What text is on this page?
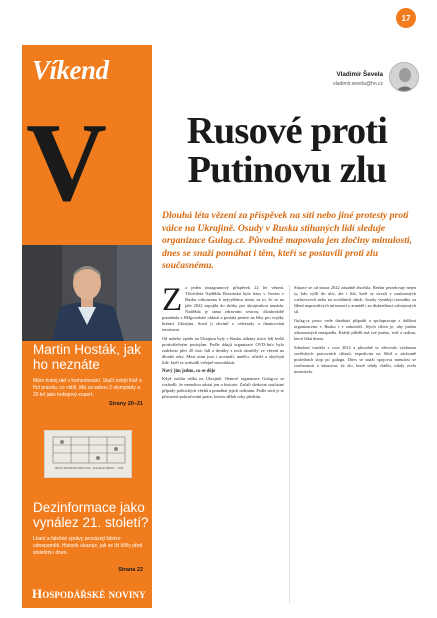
17
Víkend
V
Martin Hosták, jak ho neznáte
Mám hokej rád v komentování. Stačí nebýt lhář a říct pravdu, co vidíš. Má za sebou 2 olympiády a 20 let jako hokejový expert.
Strany 20–21
VELKÁ KRADENÁ KNIHOVNA · KOLEKCE SBÍRKY · 1934
Dezinformace jako vynález 21. století?
Lhaní a falešné zprávy provázejí lidstvo odnepaměti. Historik ukazuje, jak se lži šířily před stoletími i dnes.
Strana 22
Hospodářské noviny
Vladimír Ševela
vladimir.sevela@hn.cz
Rusové proti Putinovu zlu
Dlouhá léta vězení za příspěvek na síti nebo jiné protesty proti válce na Ukrajině. Osudy v Rusku stíhaných lidí sleduje organizace Gulag.cz. Původně mapovala jen zločiny minulosti, dnes se snaží pomáhat i těm, kteří se postavili proti zlu současnému.

Z a jeden instagramový příspěvek 22 let vězení. Třicetiletá Naděžda Rossinská byla letos v červnu v Rusku odsouzena k nejvyššímu trestu za to, že se na jaře 2022 zapojila do sbírky pro ukrajinskou armádu. Naděžda je sama zdravotní sestrou, dlouhodobě pomáhala v Bělgorodské oblasti a poslala peníze na léky pro vojáky bránící Ukrajinu. Soud ji obvinil z velezrady a financování terorismu.

Od našeho vpádu na Ukrajinu byly v Rusku stíhány tisíce lidí kvůli protiválečným postojům. Podle údajů organizace OVD-Info bylo zadrženo přes 20 tisíc lidí a desítky z nich skončily ve vězení na dlouhé roky. Mezi nimi jsou i novináři, umělci, učitelé a obyčejní lidé, kteří se rozhodli veřejně nesouhlasit.

Nový jim jedno, co se děje

Když začala válka na Ukrajině, členové organizace Gulag.cz se rozhodli, že nemohou zůstat jen u historie. Začali sledovat současné případy politických vězňů a pomáhat jejich rodinám. Podle nich je to přirozené pokračování práce, kterou dělali roky předtím.

Situace se od února 2022 zásadně zhoršila. Režim perzekvuje nejen ty, kdo vyšli do ulic, ale i lidi, kteří se ozvali v soukromých rozhovorech nebo na sociálních sítích. Soudy vynášejí rozsudky za šíření nepravdivých informací o armádě i za diskreditaci ozbrojených sil.

Gulag.cz proto vede databázi případů a spolupracuje s dalšími organizacemi v Rusku i v zahraničí. Jejich cílem je, aby jména odsouzených nezapadla. Každý příběh má své jméno, tvář a rodinu, která čeká doma.

Sdružení vzniklo v roce 2012 a původně se věnovalo výzkumu sovětských pracovních táborů, expedicím na Sibiř a záchraně posledních stop po gulagu. Dnes se snaží spojovat minulost se současností a ukazovat, že zlo, které tehdy vládlo, nikdy zcela nezmizelo.
